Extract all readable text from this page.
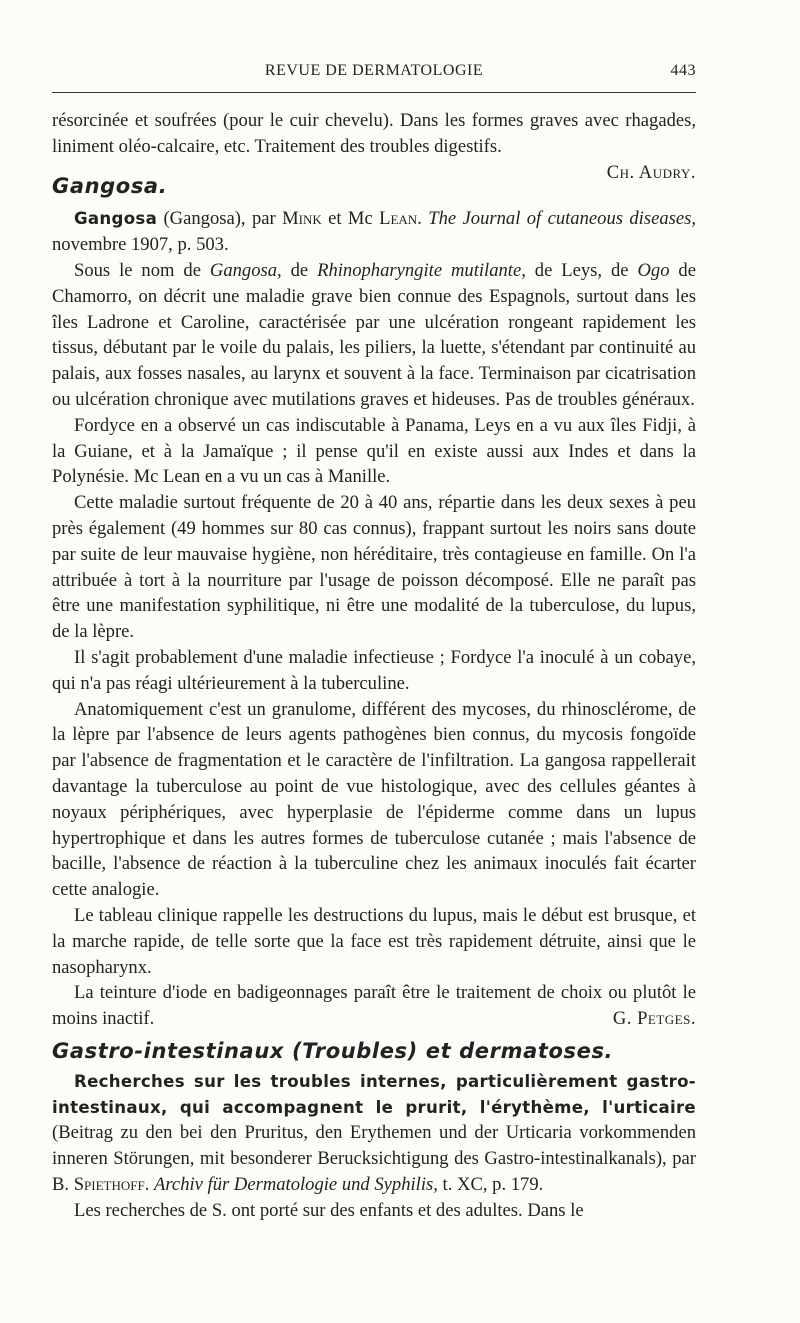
REVUE DE DERMATOLOGIE	443

résorcinée et soufrées (pour le cuir chevelu). Dans les formes graves avec rhagades, liniment oléo-calcaire, etc. Traitement des troubles digestifs.

Ch. Audry.
Gangosa.

Gangosa (Gangosa), par Mink et Mc Lean. The Journal of cutaneous diseases, novembre 1907, p. 503.

Sous le nom de Gangosa, de Rhinopharyngite mutilante, de Leys, de Ogo de Chamorro, on décrit une maladie grave bien connue des Espagnols, surtout dans les îles Ladrone et Caroline, caractérisée par une ulcération rongeant rapidement les tissus, débutant par le voile du palais, les piliers, la luette, s'étendant par continuité au palais, aux fosses nasales, au larynx et souvent à la face. Terminaison par cicatrisation ou ulcération chronique avec mutilations graves et hideuses. Pas de troubles généraux.

Fordyce en a observé un cas indiscutable à Panama, Leys en a vu aux îles Fidji, à la Guiane, et à la Jamaïque ; il pense qu'il en existe aussi aux Indes et dans la Polynésie. Mc Lean en a vu un cas à Manille.

Cette maladie surtout fréquente de 20 à 40 ans, répartie dans les deux sexes à peu près également (49 hommes sur 80 cas connus), frappant surtout les noirs sans doute par suite de leur mauvaise hygiène, non héréditaire, très contagieuse en famille. On l'a attribuée à tort à la nourriture par l'usage de poisson décomposé. Elle ne paraît pas être une manifestation syphilitique, ni être une modalité de la tuberculose, du lupus, de la lèpre.

Il s'agit probablement d'une maladie infectieuse ; Fordyce l'a inoculé à un cobaye, qui n'a pas réagi ultérieurement à la tuberculine.

Anatomiquement c'est un granulome, différent des mycoses, du rhinosclérome, de la lèpre par l'absence de leurs agents pathogènes bien connus, du mycosis fongoïde par l'absence de fragmentation et le caractère de l'infiltration. La gangosa rappellerait davantage la tuberculose au point de vue histologique, avec des cellules géantes à noyaux périphériques, avec hyperplasie de l'épiderme comme dans un lupus hypertrophique et dans les autres formes de tuberculose cutanée ; mais l'absence de bacille, l'absence de réaction à la tuberculine chez les animaux inoculés fait écarter cette analogie.

Le tableau clinique rappelle les destructions du lupus, mais le début est brusque, et la marche rapide, de telle sorte que la face est très rapidement détruite, ainsi que le nasopharynx.

La teinture d'iode en badigeonnages paraît être le traitement de choix ou plutôt le moins inactif.	G. Petges.

Gastro-intestinaux (Troubles) et dermatoses.

Recherches sur les troubles internes, particulièrement gastro-intestinaux, qui accompagnent le prurit, l'érythème, l'urticaire (Beitrag zu den bei den Pruritus, den Erythemen und der Urticaria vorkommenden inneren Störungen, mit besonderer Berucksichtigung des Gastro-intestinalkanals), par B. Spiethoff. Archiv für Dermatologie und Syphilis, t. XC, p. 179.

Les recherches de S. ont porté sur des enfants et des adultes. Dans le
